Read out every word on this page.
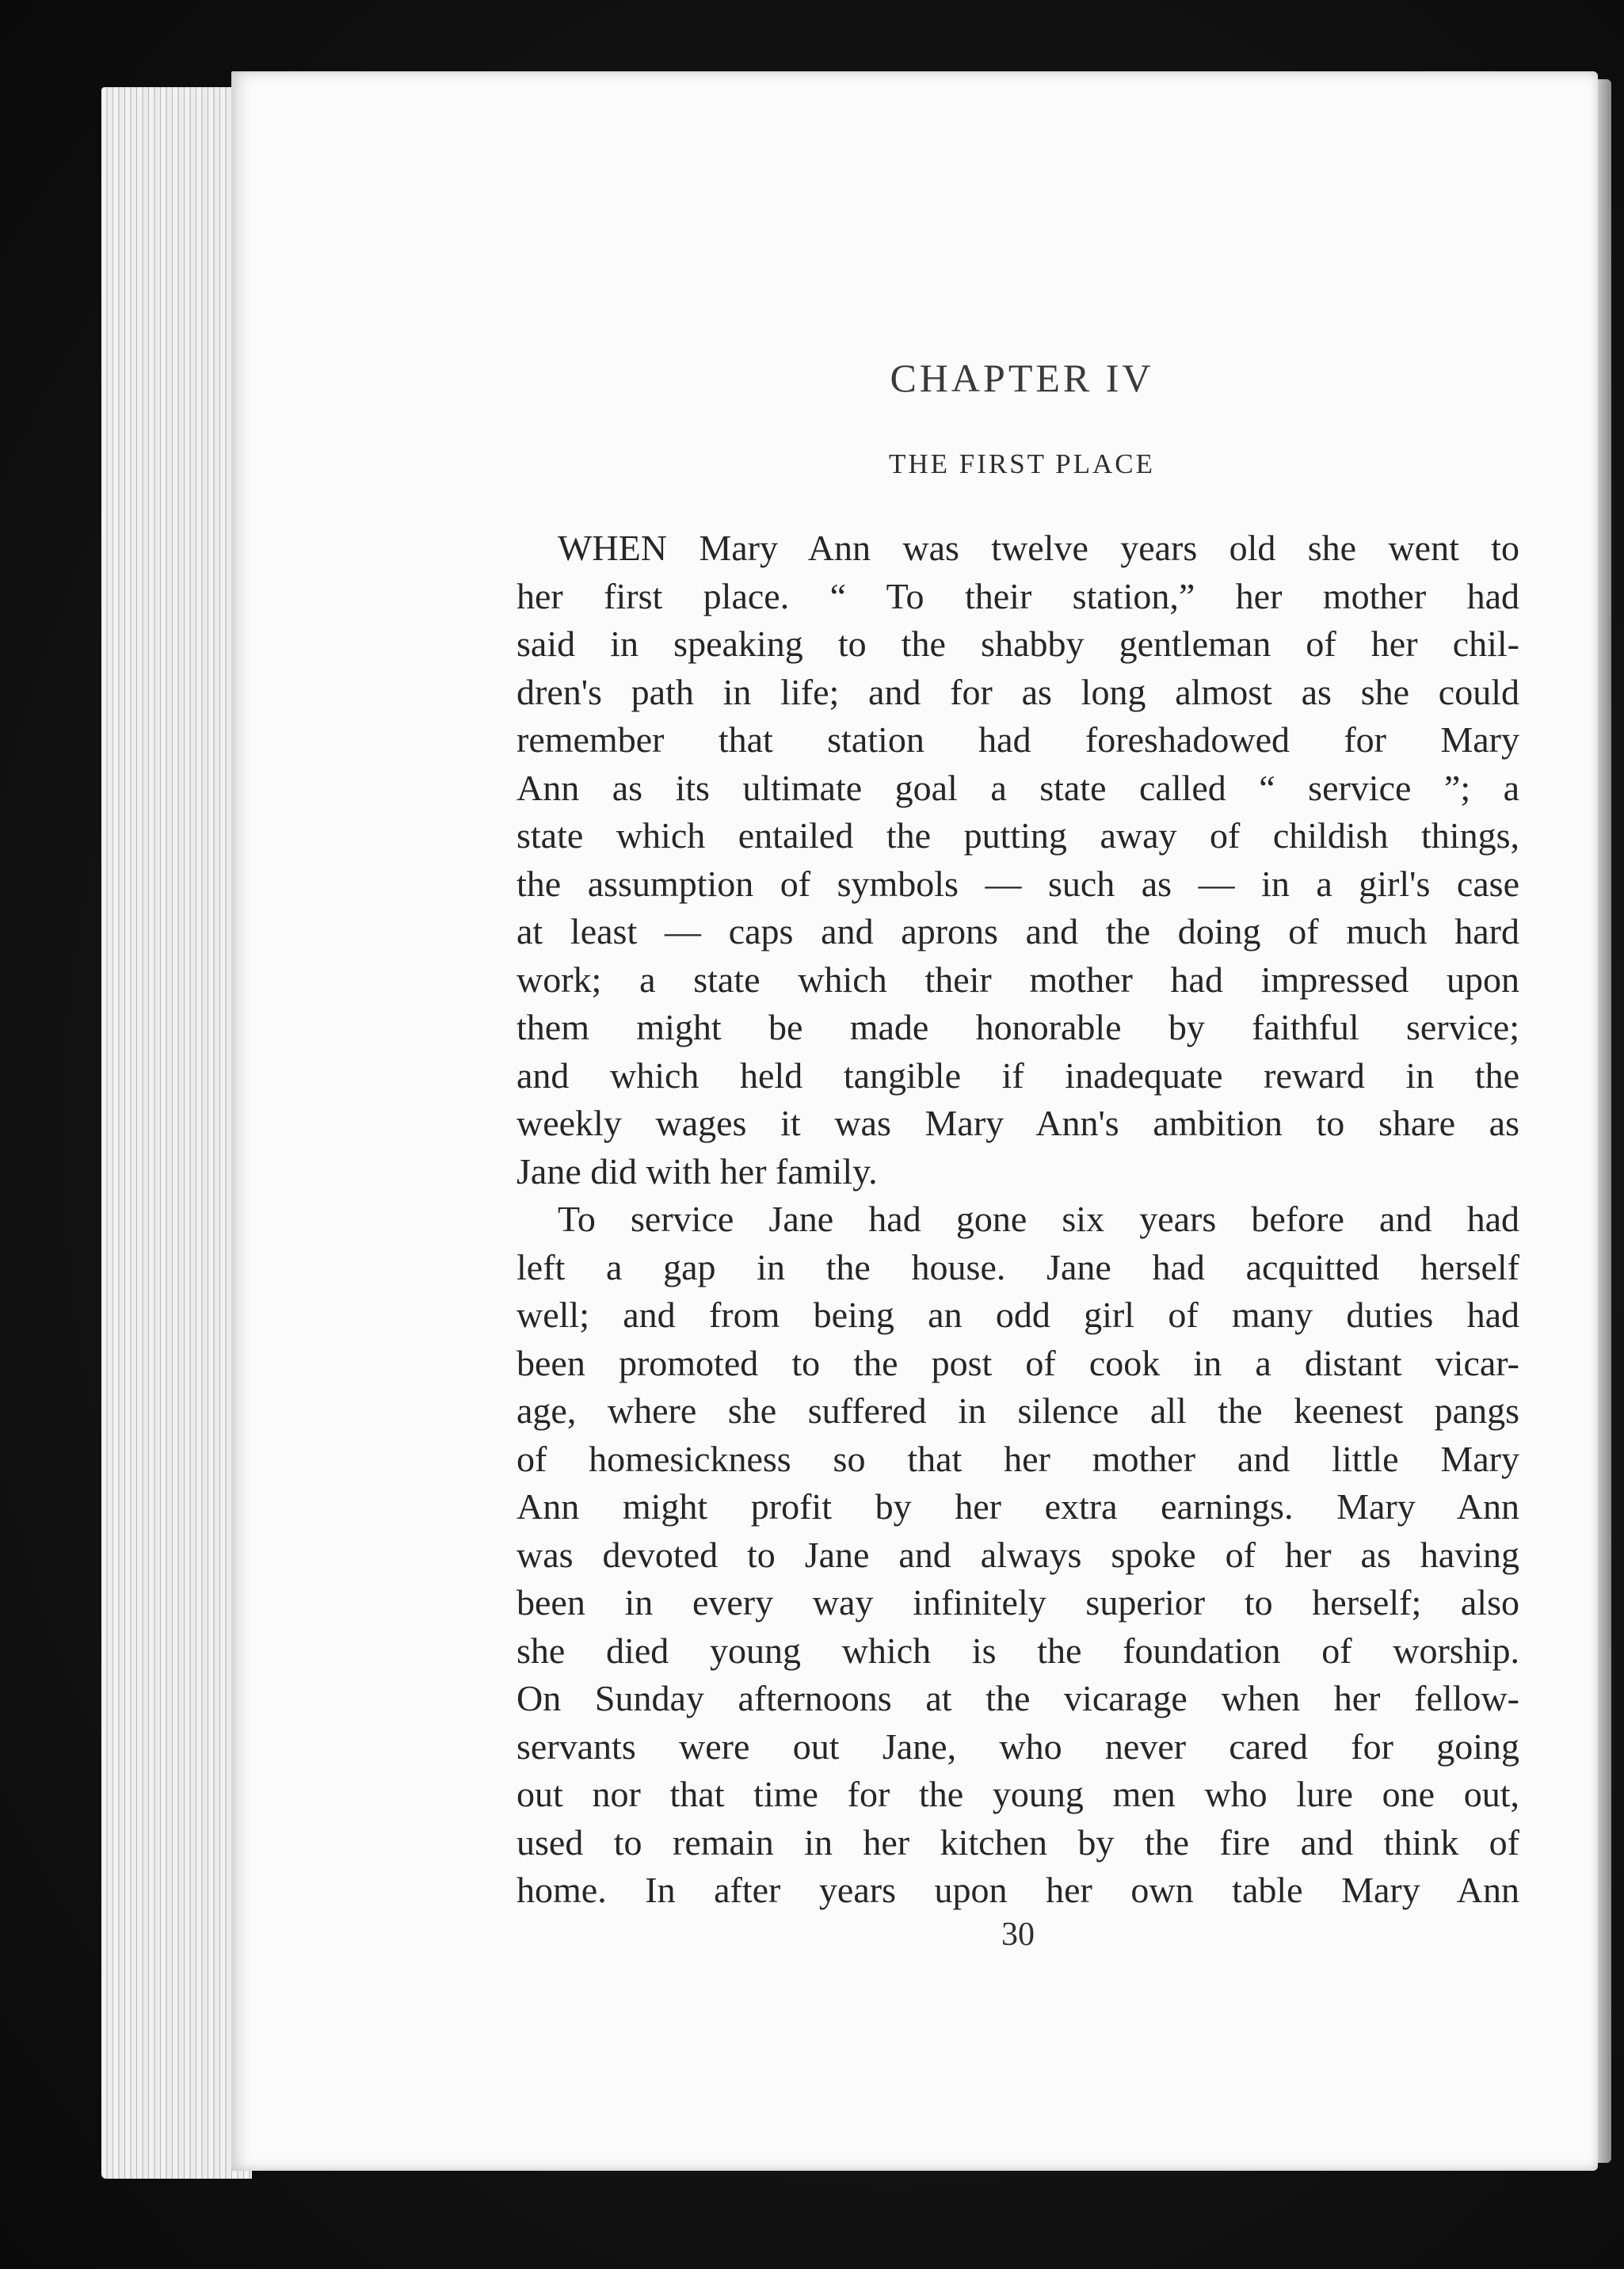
CHAPTER IV
THE FIRST PLACE
WHEN Mary Ann was twelve years old she went to
her first place. “ To their station,” her mother had
said in speaking to the shabby gentleman of her chil-
dren's path in life; and for as long almost as she could
remember that station had foreshadowed for Mary
Ann as its ultimate goal a state called “ service ”; a
state which entailed the putting away of childish things,
the assumption of symbols — such as — in a girl's case
at least — caps and aprons and the doing of much hard
work; a state which their mother had impressed upon
them might be made honorable by faithful service;
and which held tangible if inadequate reward in the
weekly wages it was Mary Ann's ambition to share as
Jane did with her family.
To service Jane had gone six years before and had
left a gap in the house. Jane had acquitted herself
well; and from being an odd girl of many duties had
been promoted to the post of cook in a distant vicar-
age, where she suffered in silence all the keenest pangs
of homesickness so that her mother and little Mary
Ann might profit by her extra earnings. Mary Ann
was devoted to Jane and always spoke of her as having
been in every way infinitely superior to herself; also
she died young which is the foundation of worship.
On Sunday afternoons at the vicarage when her fellow-
servants were out Jane, who never cared for going
out nor that time for the young men who lure one out,
used to remain in her kitchen by the fire and think of
home. In after years upon her own table Mary Ann
30
